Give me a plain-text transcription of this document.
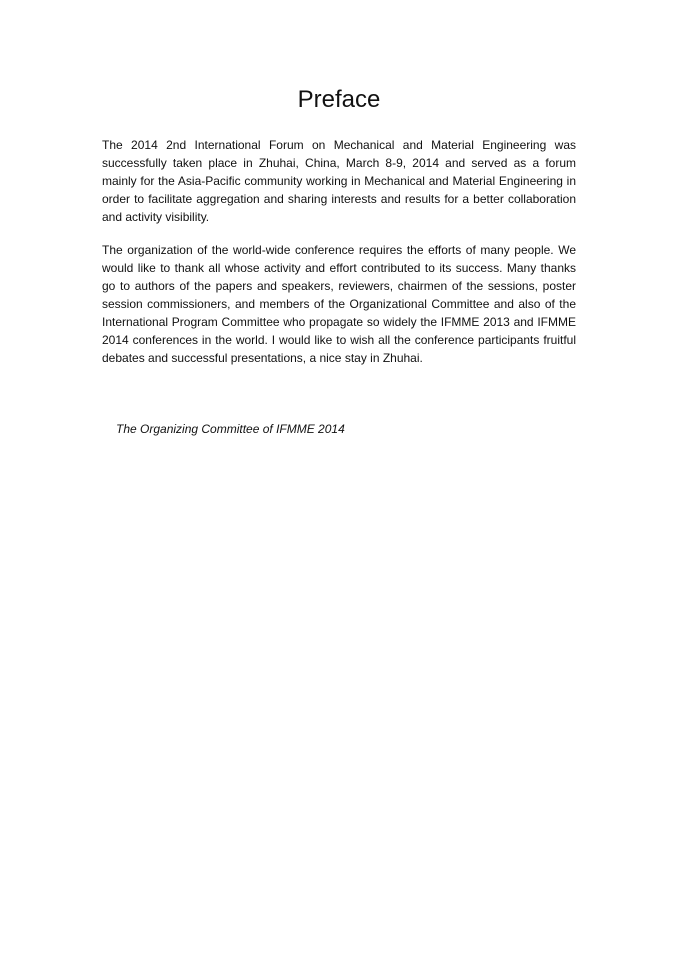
Preface

The 2014 2nd International Forum on Mechanical and Material Engineering was successfully taken place in Zhuhai, China, March 8-9, 2014 and served as a forum mainly for the Asia-Pacific community working in Mechanical and Material Engineering in order to facilitate aggregation and sharing interests and results for a better collaboration and activity visibility.

The organization of the world-wide conference requires the efforts of many people. We would like to thank all whose activity and effort contributed to its success. Many thanks go to authors of the papers and speakers, reviewers, chairmen of the sessions, poster session commissioners, and members of the Organizational Committee and also of the International Program Committee who propagate so widely the IFMME 2013 and IFMME 2014 conferences in the world. I would like to wish all the conference participants fruitful debates and successful presentations, a nice stay in Zhuhai.

The Organizing Committee of IFMME 2014
